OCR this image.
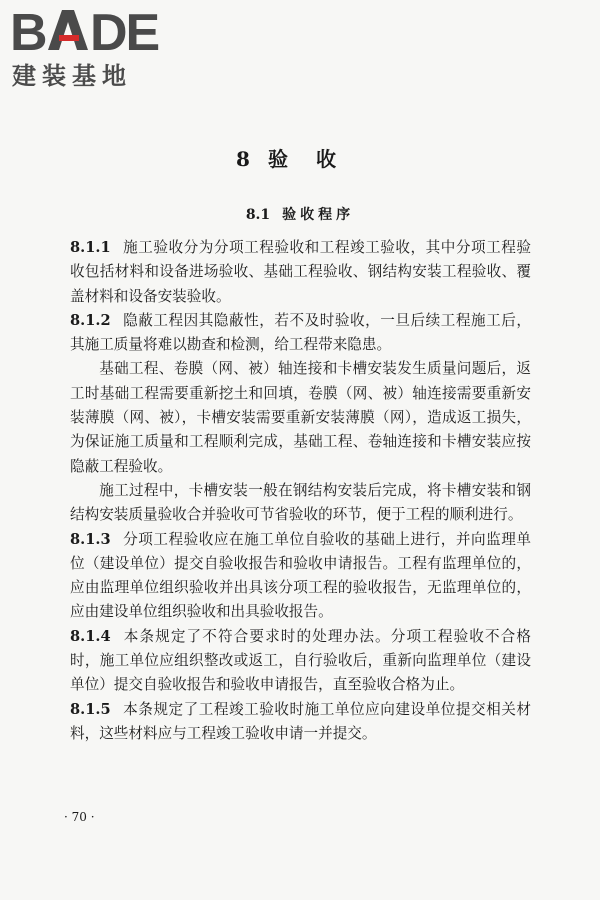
B DE
建装基地
8 验收
8.1 验收程序

8.1.1 施工验收分为分项工程验收和工程竣工验收，其中分项工程验收包括材料和设备进场验收、基础工程验收、钢结构安装工程验收、覆盖材料和设备安装验收。

8.1.2 隐蔽工程因其隐蔽性，若不及时验收，一旦后续工程施工后，其施工质量将难以勘查和检测，给工程带来隐患。

基础工程、卷膜（网、被）轴连接和卡槽安装发生质量问题后，返工时基础工程需要重新挖土和回填，卷膜（网、被）轴连接需要重新安装薄膜（网、被），卡槽安装需要重新安装薄膜（网），造成返工损失，为保证施工质量和工程顺利完成，基础工程、卷轴连接和卡槽安装应按隐蔽工程验收。

施工过程中，卡槽安装一般在钢结构安装后完成，将卡槽安装和钢结构安装质量验收合并验收可节省验收的环节，便于工程的顺利进行。

8.1.3 分项工程验收应在施工单位自验收的基础上进行，并向监理单位（建设单位）提交自验收报告和验收申请报告。工程有监理单位的，应由监理单位组织验收并出具该分项工程的验收报告，无监理单位的，应由建设单位组织验收和出具验收报告。

8.1.4 本条规定了不符合要求时的处理办法。分项工程验收不合格时，施工单位应组织整改或返工，自行验收后，重新向监理单位（建设单位）提交自验收报告和验收申请报告，直至验收合格为止。

8.1.5 本条规定了工程竣工验收时施工单位应向建设单位提交相关材料，这些材料应与工程竣工验收申请一并提交。

· 70 ·
